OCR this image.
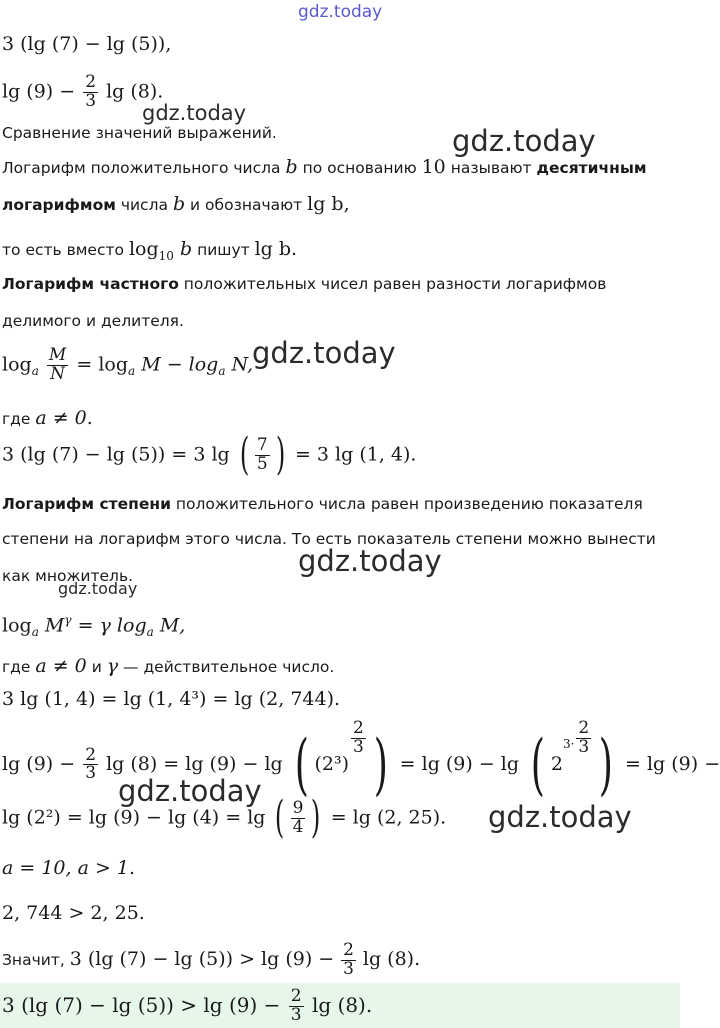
gdz.today
gdz.today
gdz.today
gdz.today
gdz.today
gdz.today
gdz.today
gdz.today
3 (lg (7) − lg (5)),
$\lg (9) - \frac{2}{3}$ lg (8).
Сравнение значений выражений.
Логарифм положительного числа b по основанию 10 называют десятичным
логарифмом числа b и обозначают lg b,
то есть вместо $\log_{10} b$ пишут lg b.
Логарифм частного положительных чисел равен разности логарифмов
делимого и делителя.
$\log_a \frac{M}{N} = \log_a M - \log_a N$,
где a ≠ 0.
3 (lg (7) − lg (5)) = 3 lg ( $\frac{7}{5}$ ) = 3 lg (1, 4).
Логарифм степени положительного числа равен произведению показателя
степени на логарифм этого числа. То есть показатель степени можно вынести
как множитель.
$\log_a M^\gamma = \gamma$ $\log_a M$,
где a ≠ 0 и γ — действительное число.
3 lg (1, 4) = lg (1, 4³) = lg (2, 744).
$\lg (9) - \frac{2}{3}$ lg (8) = lg (9) − lg ( (2³)
$\frac{2}{3}$ ) = lg (9) − lg ( $2^{3\cdot} \frac{2}{3}$ ) = lg (9) −
lg (2²) = lg (9) − lg (4) = lg ( $\frac{9}{4}$ ) = lg (2, 25).
a = 10, a > 1.
2, 744 > 2, 25.
Значит, 3 (lg $(7) - \lg (5)) > \lg (9) - \frac{2}{3}$ lg (8).
3 (lg $(7) - \lg (5)) > \lg (9) - \frac{2}{3}$ lg (8).
